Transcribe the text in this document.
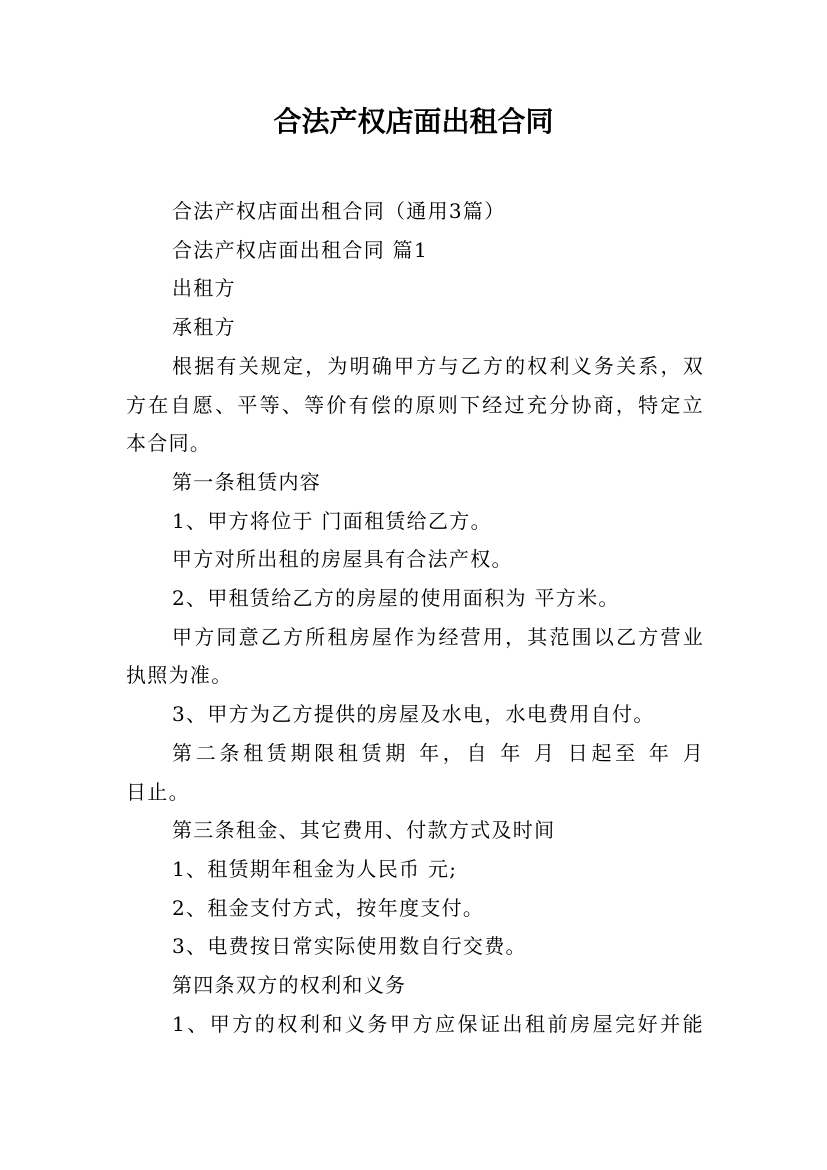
合法产权店面出租合同

合法产权店面出租合同（通用3篇）

合法产权店面出租合同 篇1

出租方

承租方

根据有关规定，为明确甲方与乙方的权利义务关系，双

方在自愿、平等、等价有偿的原则下经过充分协商，特定立

本合同。

第一条租赁内容

1、甲方将位于 门面租赁给乙方。

甲方对所出租的房屋具有合法产权。

2、甲租赁给乙方的房屋的使用面积为 平方米。

甲方同意乙方所租房屋作为经营用，其范围以乙方营业

执照为准。

3、甲方为乙方提供的房屋及水电，水电费用自付。

第二条租赁期限租赁期 年，自 年 月 日起至 年 月

日止。

第三条租金、其它费用、付款方式及时间

1、租赁期年租金为人民币 元;

2、租金支付方式，按年度支付。

3、电费按日常实际使用数自行交费。

第四条双方的权利和义务

1、甲方的权利和义务甲方应保证出租前房屋完好并能
